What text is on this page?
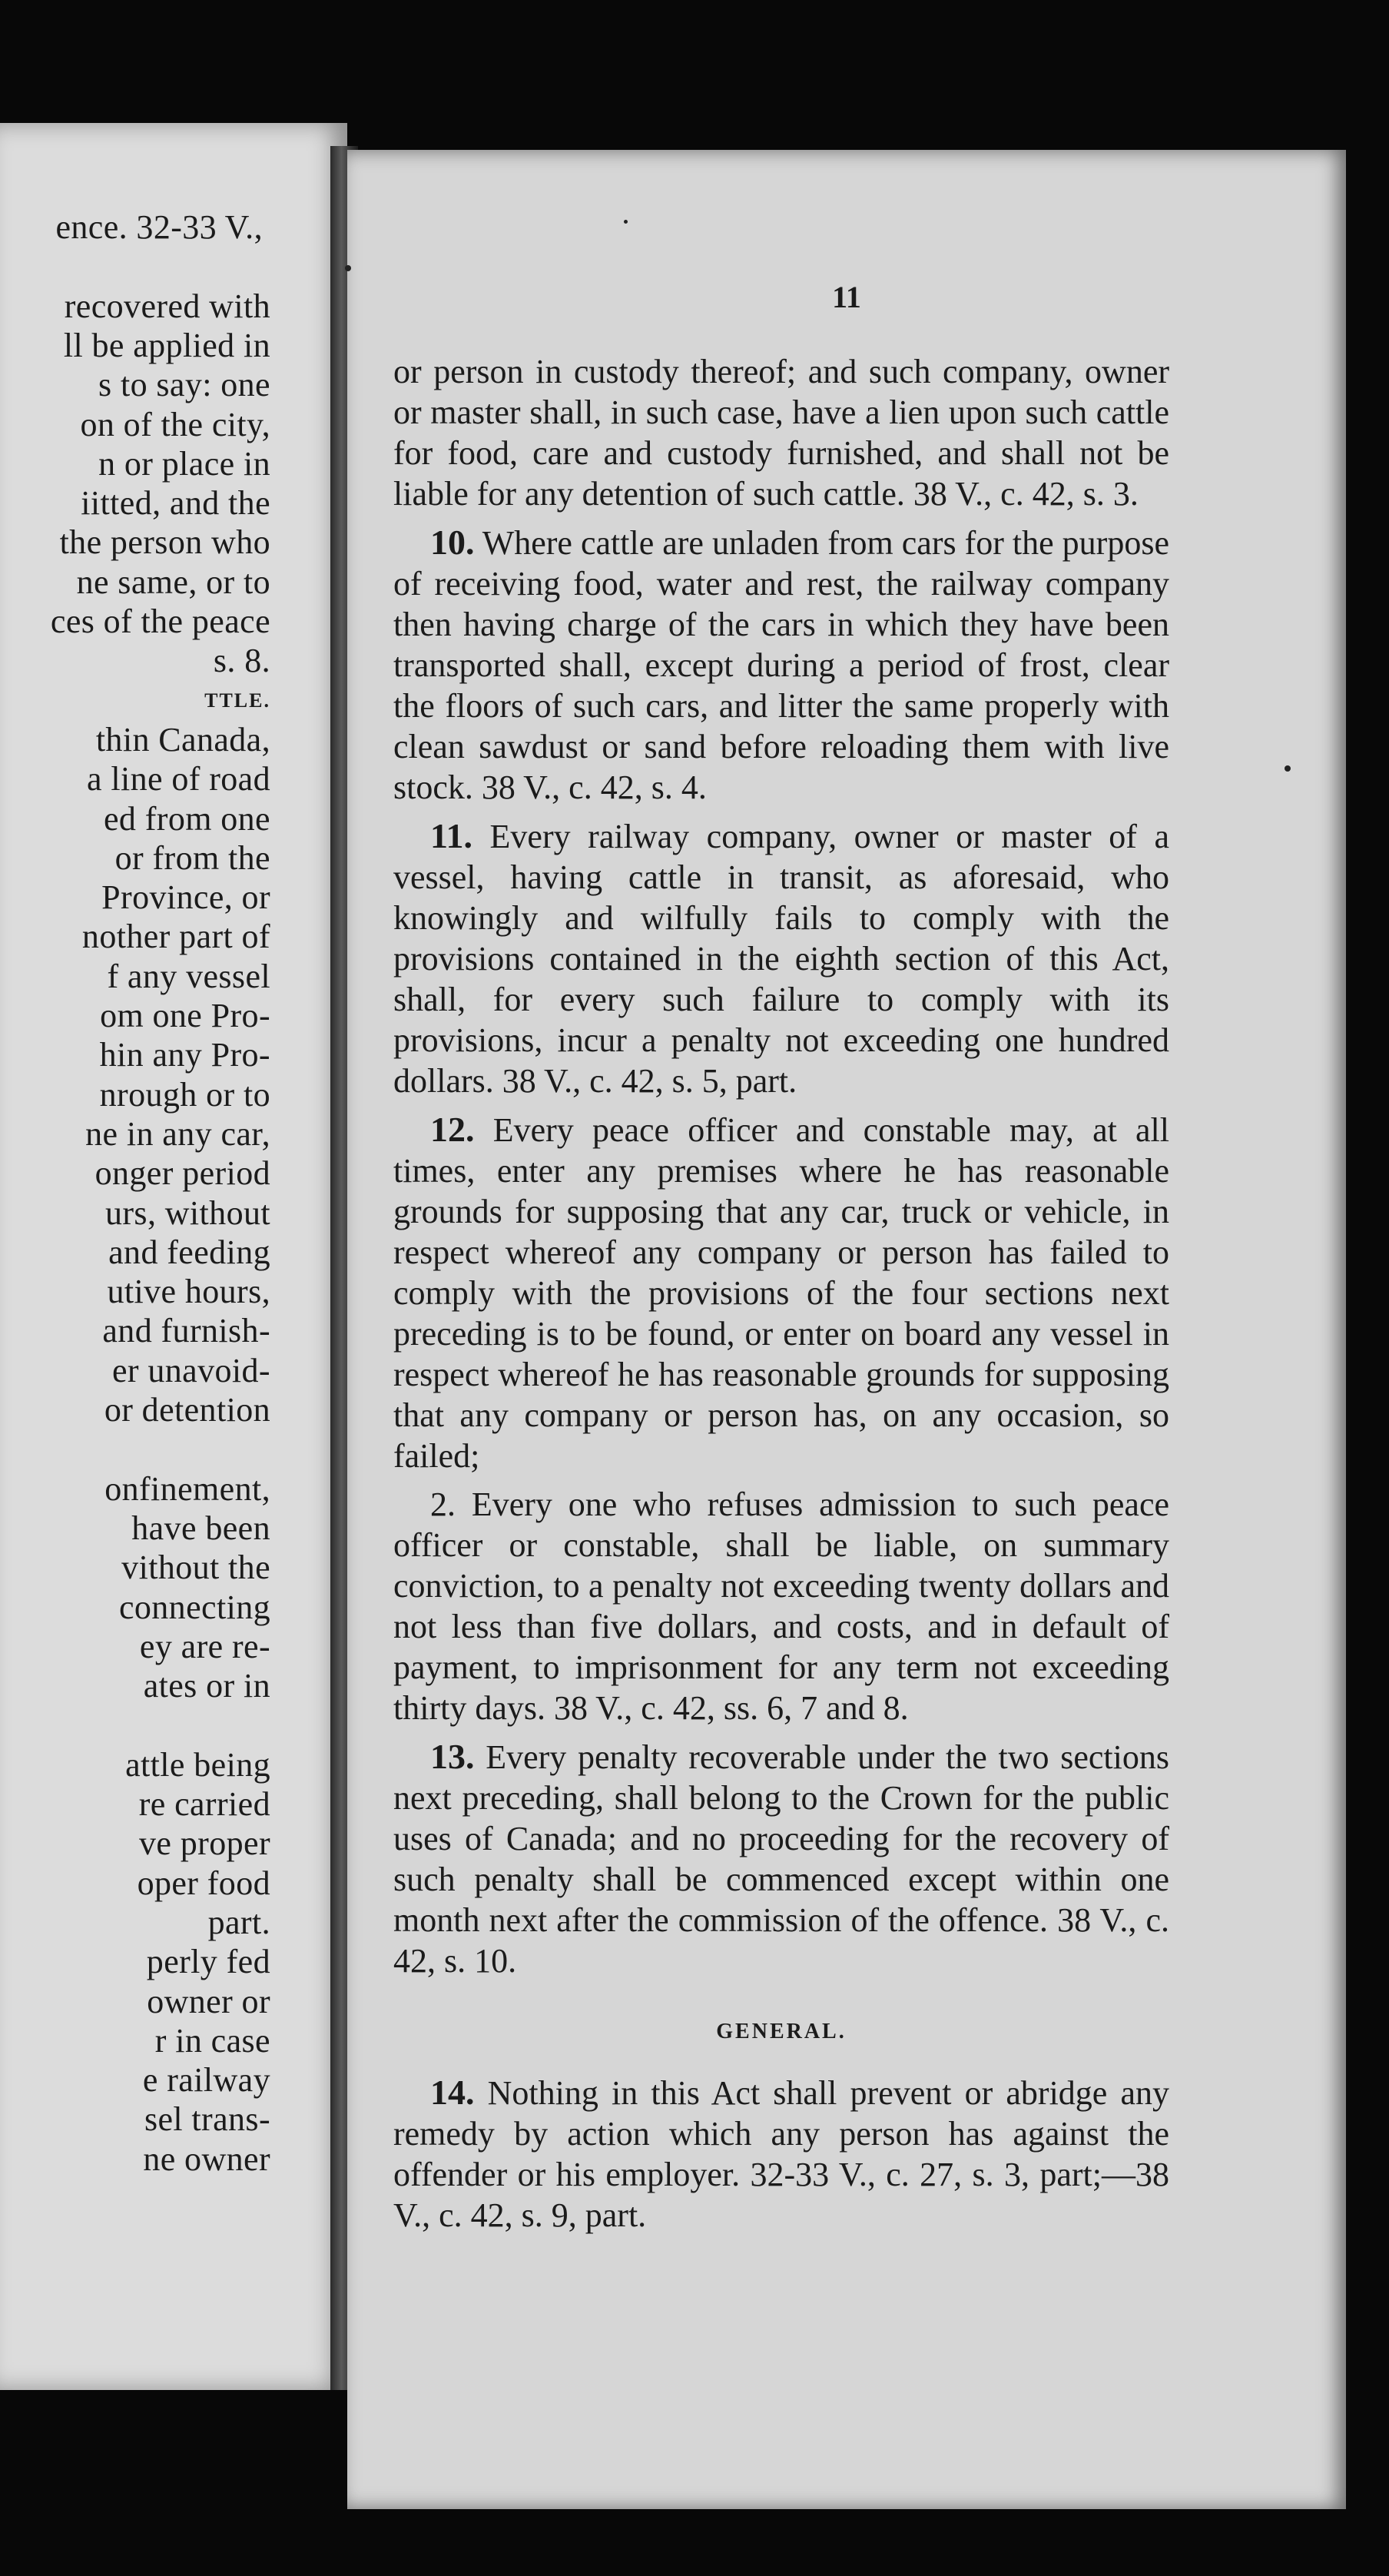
ence. 32-33 V.,
recovered with
ll be applied in
s to say: one
on of the city,
n or place in
iitted, and the
the person who
ne same, or to
ces of the peace
s. 8.
TTLE.
thin Canada,
a line of road
ed from one
or from the
Province, or
nother part of
f any vessel
om one Pro-
hin any Pro-
nrough or to
ne in any car,
onger period
urs, without
and feeding
utive hours,
and furnish-
er unavoid-
or detention
onfinement,
have been
vithout the
connecting
ey are re-
ates or in
attle being
re carried
ve proper
oper food
part.
perly fed
owner or
r in case
e railway
sel trans-
ne owner
11

or person in custody thereof; and such company, owner or master shall, in such case, have a lien upon such cattle for food, care and custody furnished, and shall not be liable for any detention of such cattle. 38 V., c. 42, s. 3.

10. Where cattle are unladen from cars for the purpose of receiving food, water and rest, the railway company then having charge of the cars in which they have been transported shall, except during a period of frost, clear the floors of such cars, and litter the same properly with clean sawdust or sand before reloading them with live stock. 38 V., c. 42, s. 4.

11. Every railway company, owner or master of a vessel, having cattle in transit, as aforesaid, who knowingly and wilfully fails to comply with the provisions contained in the eighth section of this Act, shall, for every such failure to comply with its provisions, incur a penalty not exceeding one hundred dollars. 38 V., c. 42, s. 5, part.

12. Every peace officer and constable may, at all times, enter any premises where he has reasonable grounds for supposing that any car, truck or vehicle, in respect whereof any company or person has failed to comply with the provisions of the four sections next preceding is to be found, or enter on board any vessel in respect whereof he has reasonable grounds for supposing that any company or person has, on any occasion, so failed;

2. Every one who refuses admission to such peace officer or constable, shall be liable, on summary conviction, to a penalty not exceeding twenty dollars and not less than five dollars, and costs, and in default of payment, to imprisonment for any term not exceeding thirty days. 38 V., c. 42, ss. 6, 7 and 8.

13. Every penalty recoverable under the two sections next preceding, shall belong to the Crown for the public uses of Canada; and no proceeding for the recovery of such penalty shall be commenced except within one month next after the commission of the offence. 38 V., c. 42, s. 10.

GENERAL.

14. Nothing in this Act shall prevent or abridge any remedy by action which any person has against the offender or his employer. 32-33 V., c. 27, s. 3, part;—38 V., c. 42, s. 9, part.
